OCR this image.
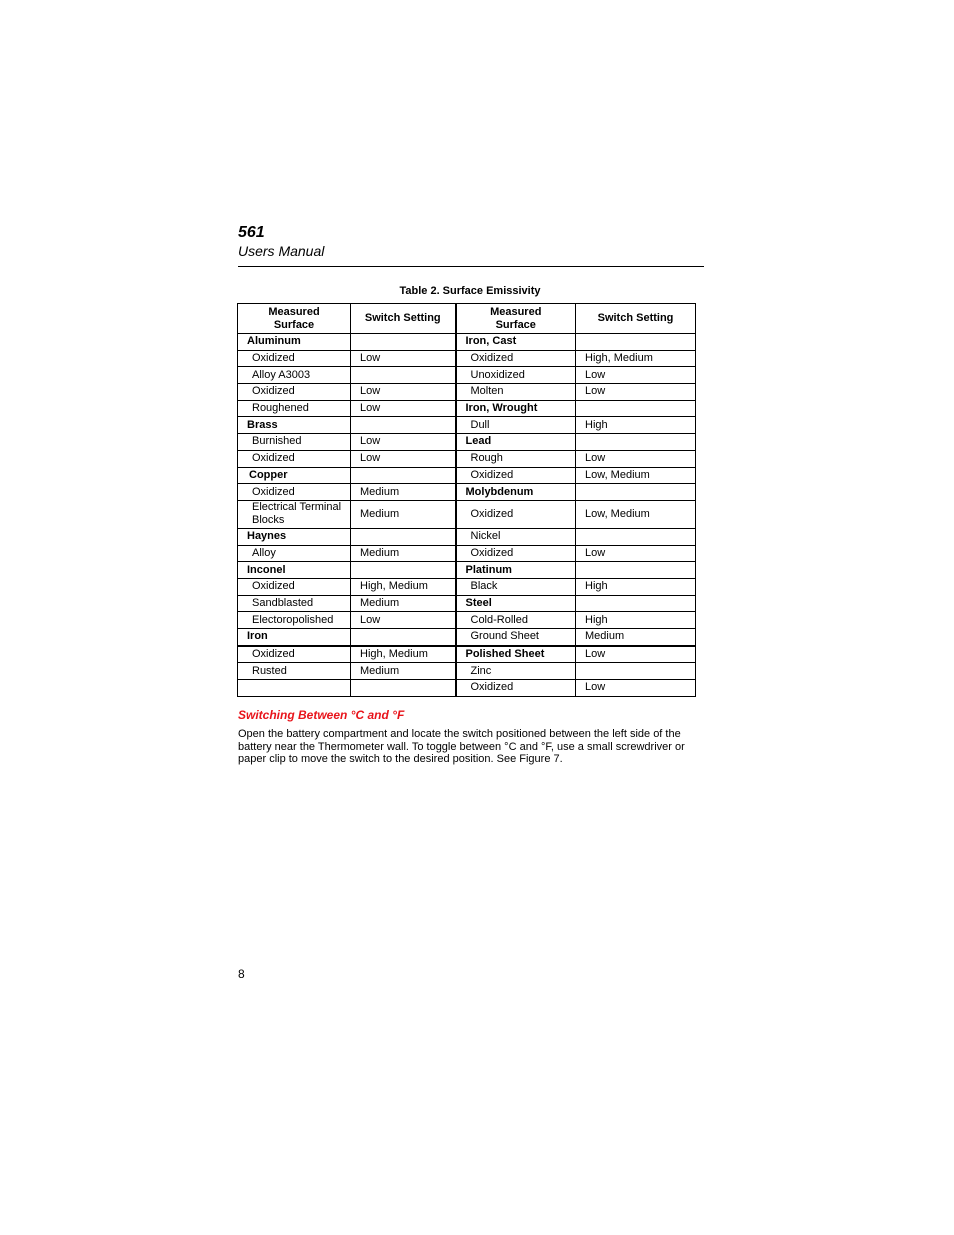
561
Users Manual
Table 2. Surface Emissivity
Measured Surface	Switch Setting	Measured Surface	Switch Setting
Aluminum		Iron, Cast	
Oxidized	Low	Oxidized	High, Medium
Alloy A3003		Unoxidized	Low
Oxidized	Low	Molten	Low
Roughened	Low	Iron, Wrought	
Brass		Dull	High
Burnished	Low	Lead	
Oxidized	Low	Rough	Low
Copper		Oxidized	Low, Medium
Oxidized	Medium	Molybdenum	
Electrical Terminal Blocks	Medium	Oxidized	Low, Medium
Haynes		Nickel	
Alloy	Medium	Oxidized	Low
Inconel		Platinum	
Oxidized	High, Medium	Black	High
Sandblasted	Medium	Steel	
Electoropolished	Low	Cold-Rolled	High
Iron		Ground Sheet	Medium
Oxidized	High, Medium	Polished Sheet	Low
Rusted	Medium	Zinc	
		Oxidized	Low
Switching Between °C and °F
Open the battery compartment and locate the switch positioned between the left side of the battery near the Thermometer wall. To toggle between °C and °F, use a small screwdriver or paper clip to move the switch to the desired position. See Figure 7.
8
